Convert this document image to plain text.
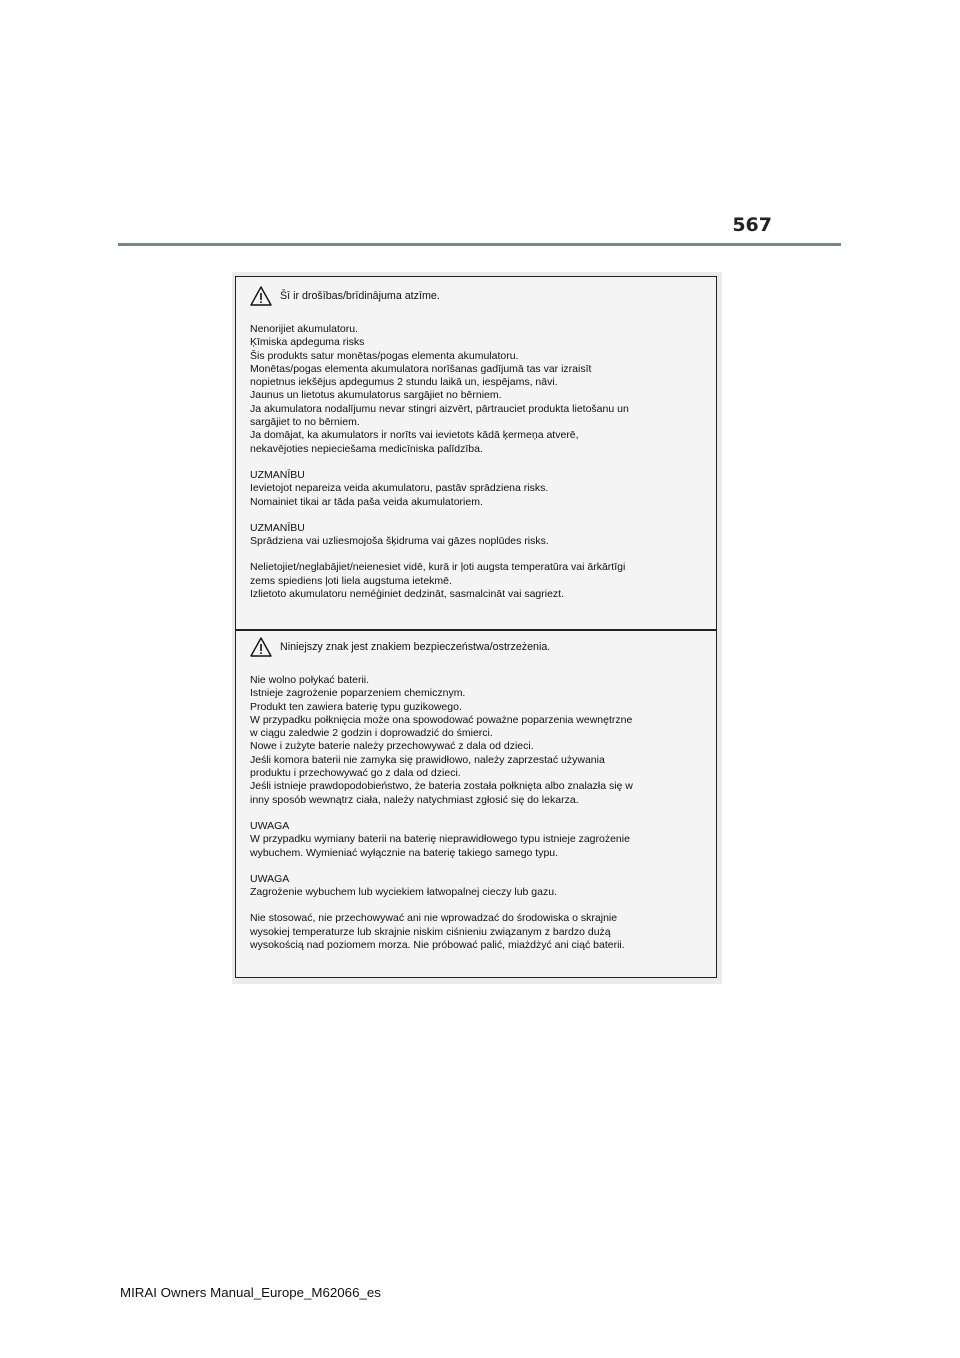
567
Šī ir drošības/brīdinājuma atzīme.

Nenorijiet akumulatoru.
Ķīmiska apdeguma risks
Šis produkts satur monētas/pogas elementa akumulatoru.
Monētas/pogas elementa akumulatora norīšanas gadījumā tas var izraisīt
nopietnus iekšējus apdegumus 2 stundu laikā un, iespējams, nāvi.
Jaunus un lietotus akumulatorus sargājiet no bērniem.
Ja akumulatora nodalījumu nevar stingri aizvērt, pārtrauciet produkta lietošanu un
sargājiet to no bērniem.
Ja domājat, ka akumulators ir norīts vai ievietots kādā ķermeņa atverē,
nekavējoties nepieciešama medicīniska palīdzība.

UZMANĪBU
Ievietojot nepareiza veida akumulatoru, pastāv sprādziena risks.
Nomainiet tikai ar tāda paša veida akumulatoriem.

UZMANĪBU
Sprādziena vai uzliesmojoša šķidruma vai gāzes noplūdes risks.

Nelietojiet/neglabājiet/neienesiet vidē, kurā ir ļoti augsta temperatūra vai ārkārtīgi
zems spiediens ļoti liela augstuma ietekmē.
Izlietoto akumulatoru neméģiniet dedzināt, sasmalcināt vai sagriezt.

Niniejszy znak jest znakiem bezpieczeństwa/ostrzeżenia.

Nie wolno połykać baterii.
Istnieje zagrożenie poparzeniem chemicznym.
Produkt ten zawiera baterię typu guzikowego.
W przypadku połknięcia może ona spowodować poważne poparzenia wewnętrzne
w ciągu zaledwie 2 godzin i doprowadzić do śmierci.
Nowe i zużyte baterie należy przechowywać z dala od dzieci.
Jeśli komora baterii nie zamyka się prawidłowo, należy zaprzestać używania
produktu i przechowywać go z dala od dzieci.
Jeśli istnieje prawdopodobieństwo, że bateria została połknięta albo znalazła się w
inny sposób wewnątrz ciała, należy natychmiast zgłosić się do lekarza.

UWAGA
W przypadku wymiany baterii na baterię nieprawidłowego typu istnieje zagrożenie
wybuchem. Wymieniać wyłącznie na baterię takiego samego typu.

UWAGA
Zagrożenie wybuchem lub wyciekiem łatwopalnej cieczy lub gazu.

Nie stosować, nie przechowywać ani nie wprowadzać do środowiska o skrajnie
wysokiej temperaturze lub skrajnie niskim ciśnieniu związanym z bardzo dużą
wysokością nad poziomem morza. Nie próbować palić, miażdżyć ani ciąć baterii.

MIRAI Owners Manual_Europe_M62066_es
